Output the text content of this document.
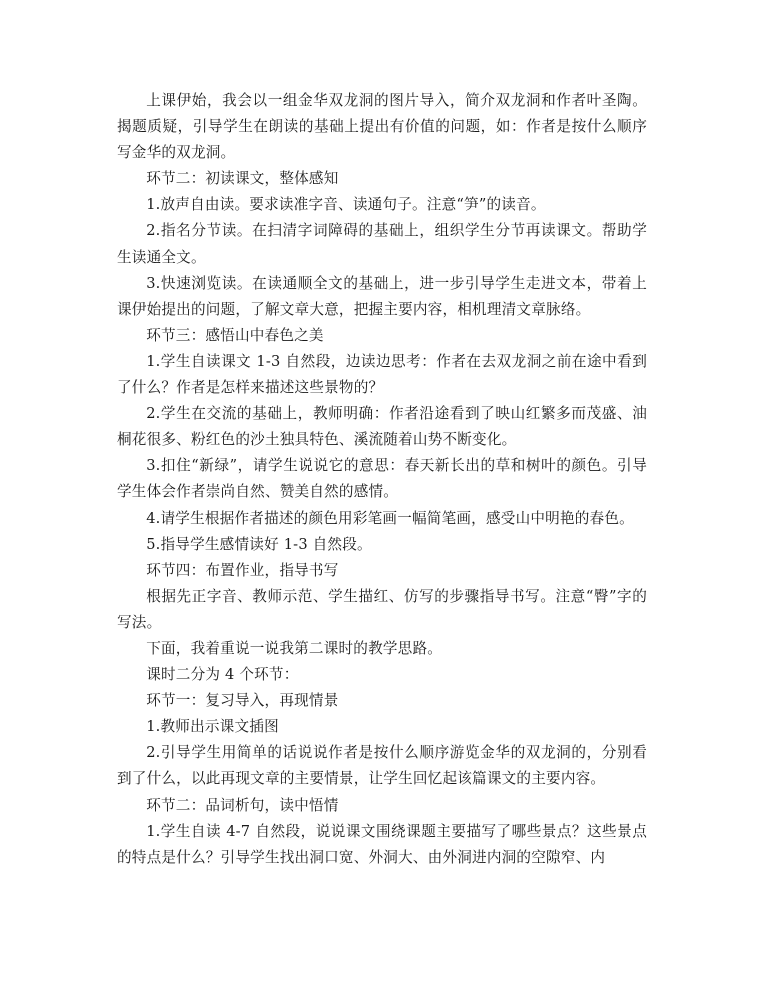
上课伊始，我会以一组金华双龙洞的图片导入，简介双龙洞和作者叶圣陶。揭题质疑，引导学生在朗读的基础上提出有价值的问题，如：作者是按什么顺序写金华的双龙洞。

环节二：初读课文，整体感知

1.放声自由读。要求读准字音、读通句子。注意“笋”的读音。

2.指名分节读。在扫清字词障碍的基础上，组织学生分节再读课文。帮助学生读通全文。

3.快速浏览读。在读通顺全文的基础上，进一步引导学生走进文本，带着上课伊始提出的问题，了解文章大意，把握主要内容，相机理清文章脉络。

环节三：感悟山中春色之美

1.学生自读课文 1-3 自然段，边读边思考：作者在去双龙洞之前在途中看到了什么？作者是怎样来描述这些景物的？

2.学生在交流的基础上，教师明确：作者沿途看到了映山红繁多而茂盛、油桐花很多、粉红色的沙土独具特色、溪流随着山势不断变化。

3.扣住“新绿”，请学生说说它的意思：春天新长出的草和树叶的颜色。引导学生体会作者崇尚自然、赞美自然的感情。

4.请学生根据作者描述的颜色用彩笔画一幅简笔画，感受山中明艳的春色。

5.指导学生感情读好 1-3 自然段。

环节四：布置作业，指导书写

根据先正字音、教师示范、学生描红、仿写的步骤指导书写。注意“臀”字的写法。

下面，我着重说一说我第二课时的教学思路。

课时二分为 4 个环节：

环节一：复习导入，再现情景

1.教师出示课文插图

2.引导学生用简单的话说说作者是按什么顺序游览金华的双龙洞的，分别看到了什么，以此再现文章的主要情景，让学生回忆起该篇课文的主要内容。

环节二：品词析句，读中悟情

1.学生自读 4-7 自然段，说说课文围绕课题主要描写了哪些景点？这些景点的特点是什么？引导学生找出洞口宽、外洞大、由外洞进内洞的空隙窄、内
